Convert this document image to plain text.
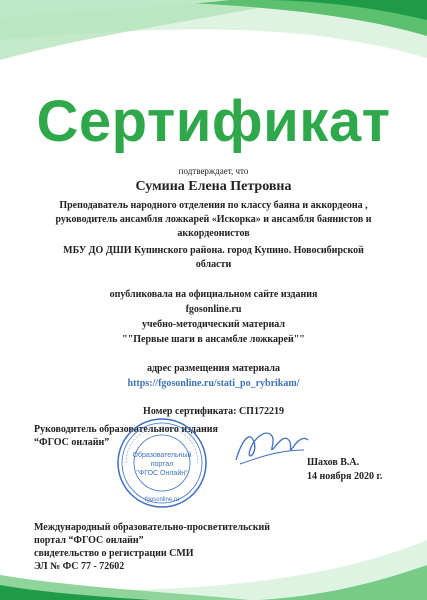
Сертификат
подтверждает, что
Сумина Елена Петровна
Преподаватель народного отделения по классу баяна и аккордеона ,
руководитель ансамбля ложкарей «Искорка» и ансамбля баянистов и
аккордеонистов
МБУ ДО ДШИ Купинского района. город Купино. Новосибирской
области
опубликовала на официальном сайте издания
fgosonline.ru
учебно-методический материал
""Первые шаги в ансамбле ложкарей""
адрес размещения материала
https://fgosonline.ru/stati_po_rybrikam/
Номер сертификата: СП172219
Руководитель образовательного издания
“ФГОС онлайн”
Образовательный
портал
"ФГОС Онлайн"
fgosonline.ru
Шахов В.А.
14 ноября 2020 г.
Международный образовательно-просветительский
портал “ФГОС онлайн”
свидетельство о регистрации СМИ
ЭЛ № ФС 77 - 72602
